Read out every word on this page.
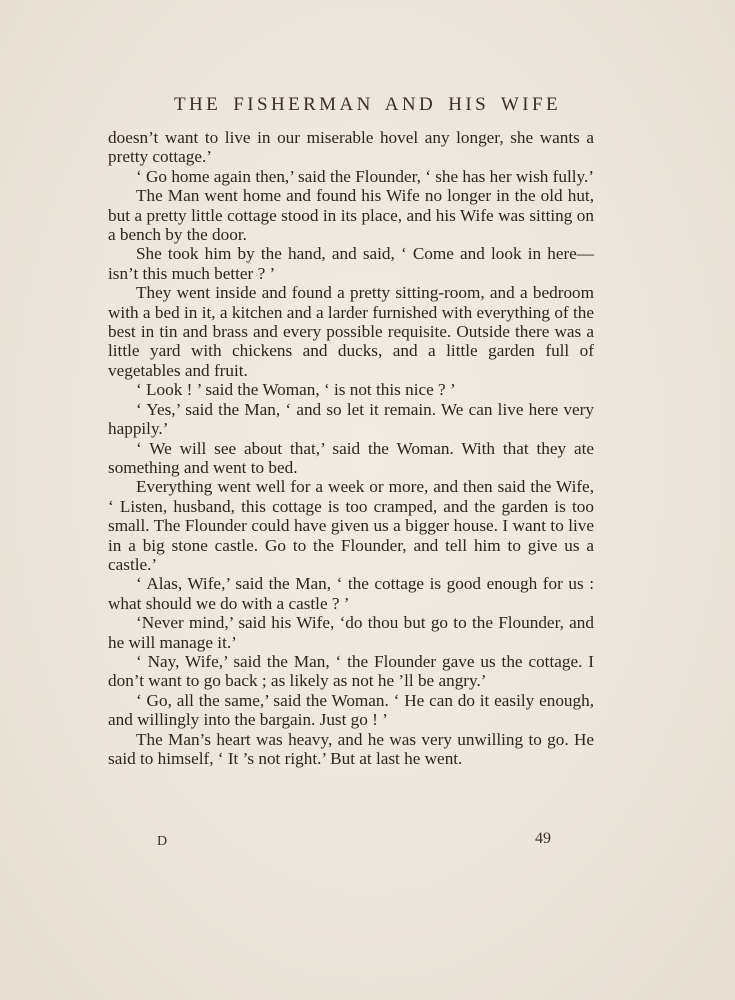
THE FISHERMAN AND HIS WIFE

doesn’t want to live in our miserable hovel any longer, she wants a pretty cottage.’

‘ Go home again then,’ said the Flounder, ‘ she has her wish fully.’

The Man went home and found his Wife no longer in the old hut, but a pretty little cottage stood in its place, and his Wife was sitting on a bench by the door.

She took him by the hand, and said, ‘ Come and look in here—isn’t this much better ? ’

They went inside and found a pretty sitting-room, and a bedroom with a bed in it, a kitchen and a larder furnished with everything of the best in tin and brass and every possible requisite. Outside there was a little yard with chickens and ducks, and a little garden full of vegetables and fruit.

‘ Look ! ’ said the Woman, ‘ is not this nice ? ’

‘ Yes,’ said the Man, ‘ and so let it remain. We can live here very happily.’

‘ We will see about that,’ said the Woman. With that they ate something and went to bed.

Everything went well for a week or more, and then said the Wife, ‘ Listen, husband, this cottage is too cramped, and the garden is too small. The Flounder could have given us a bigger house. I want to live in a big stone castle. Go to the Flounder, and tell him to give us a castle.’

‘ Alas, Wife,’ said the Man, ‘ the cottage is good enough for us : what should we do with a castle ? ’

‘Never mind,’ said his Wife, ‘do thou but go to the Flounder, and he will manage it.’

‘ Nay, Wife,’ said the Man, ‘ the Flounder gave us the cottage. I don’t want to go back ; as likely as not he ’ll be angry.’

‘ Go, all the same,’ said the Woman. ‘ He can do it easily enough, and willingly into the bargain. Just go ! ’

The Man’s heart was heavy, and he was very unwilling to go. He said to himself, ‘ It ’s not right.’ But at last he went.

D	49
